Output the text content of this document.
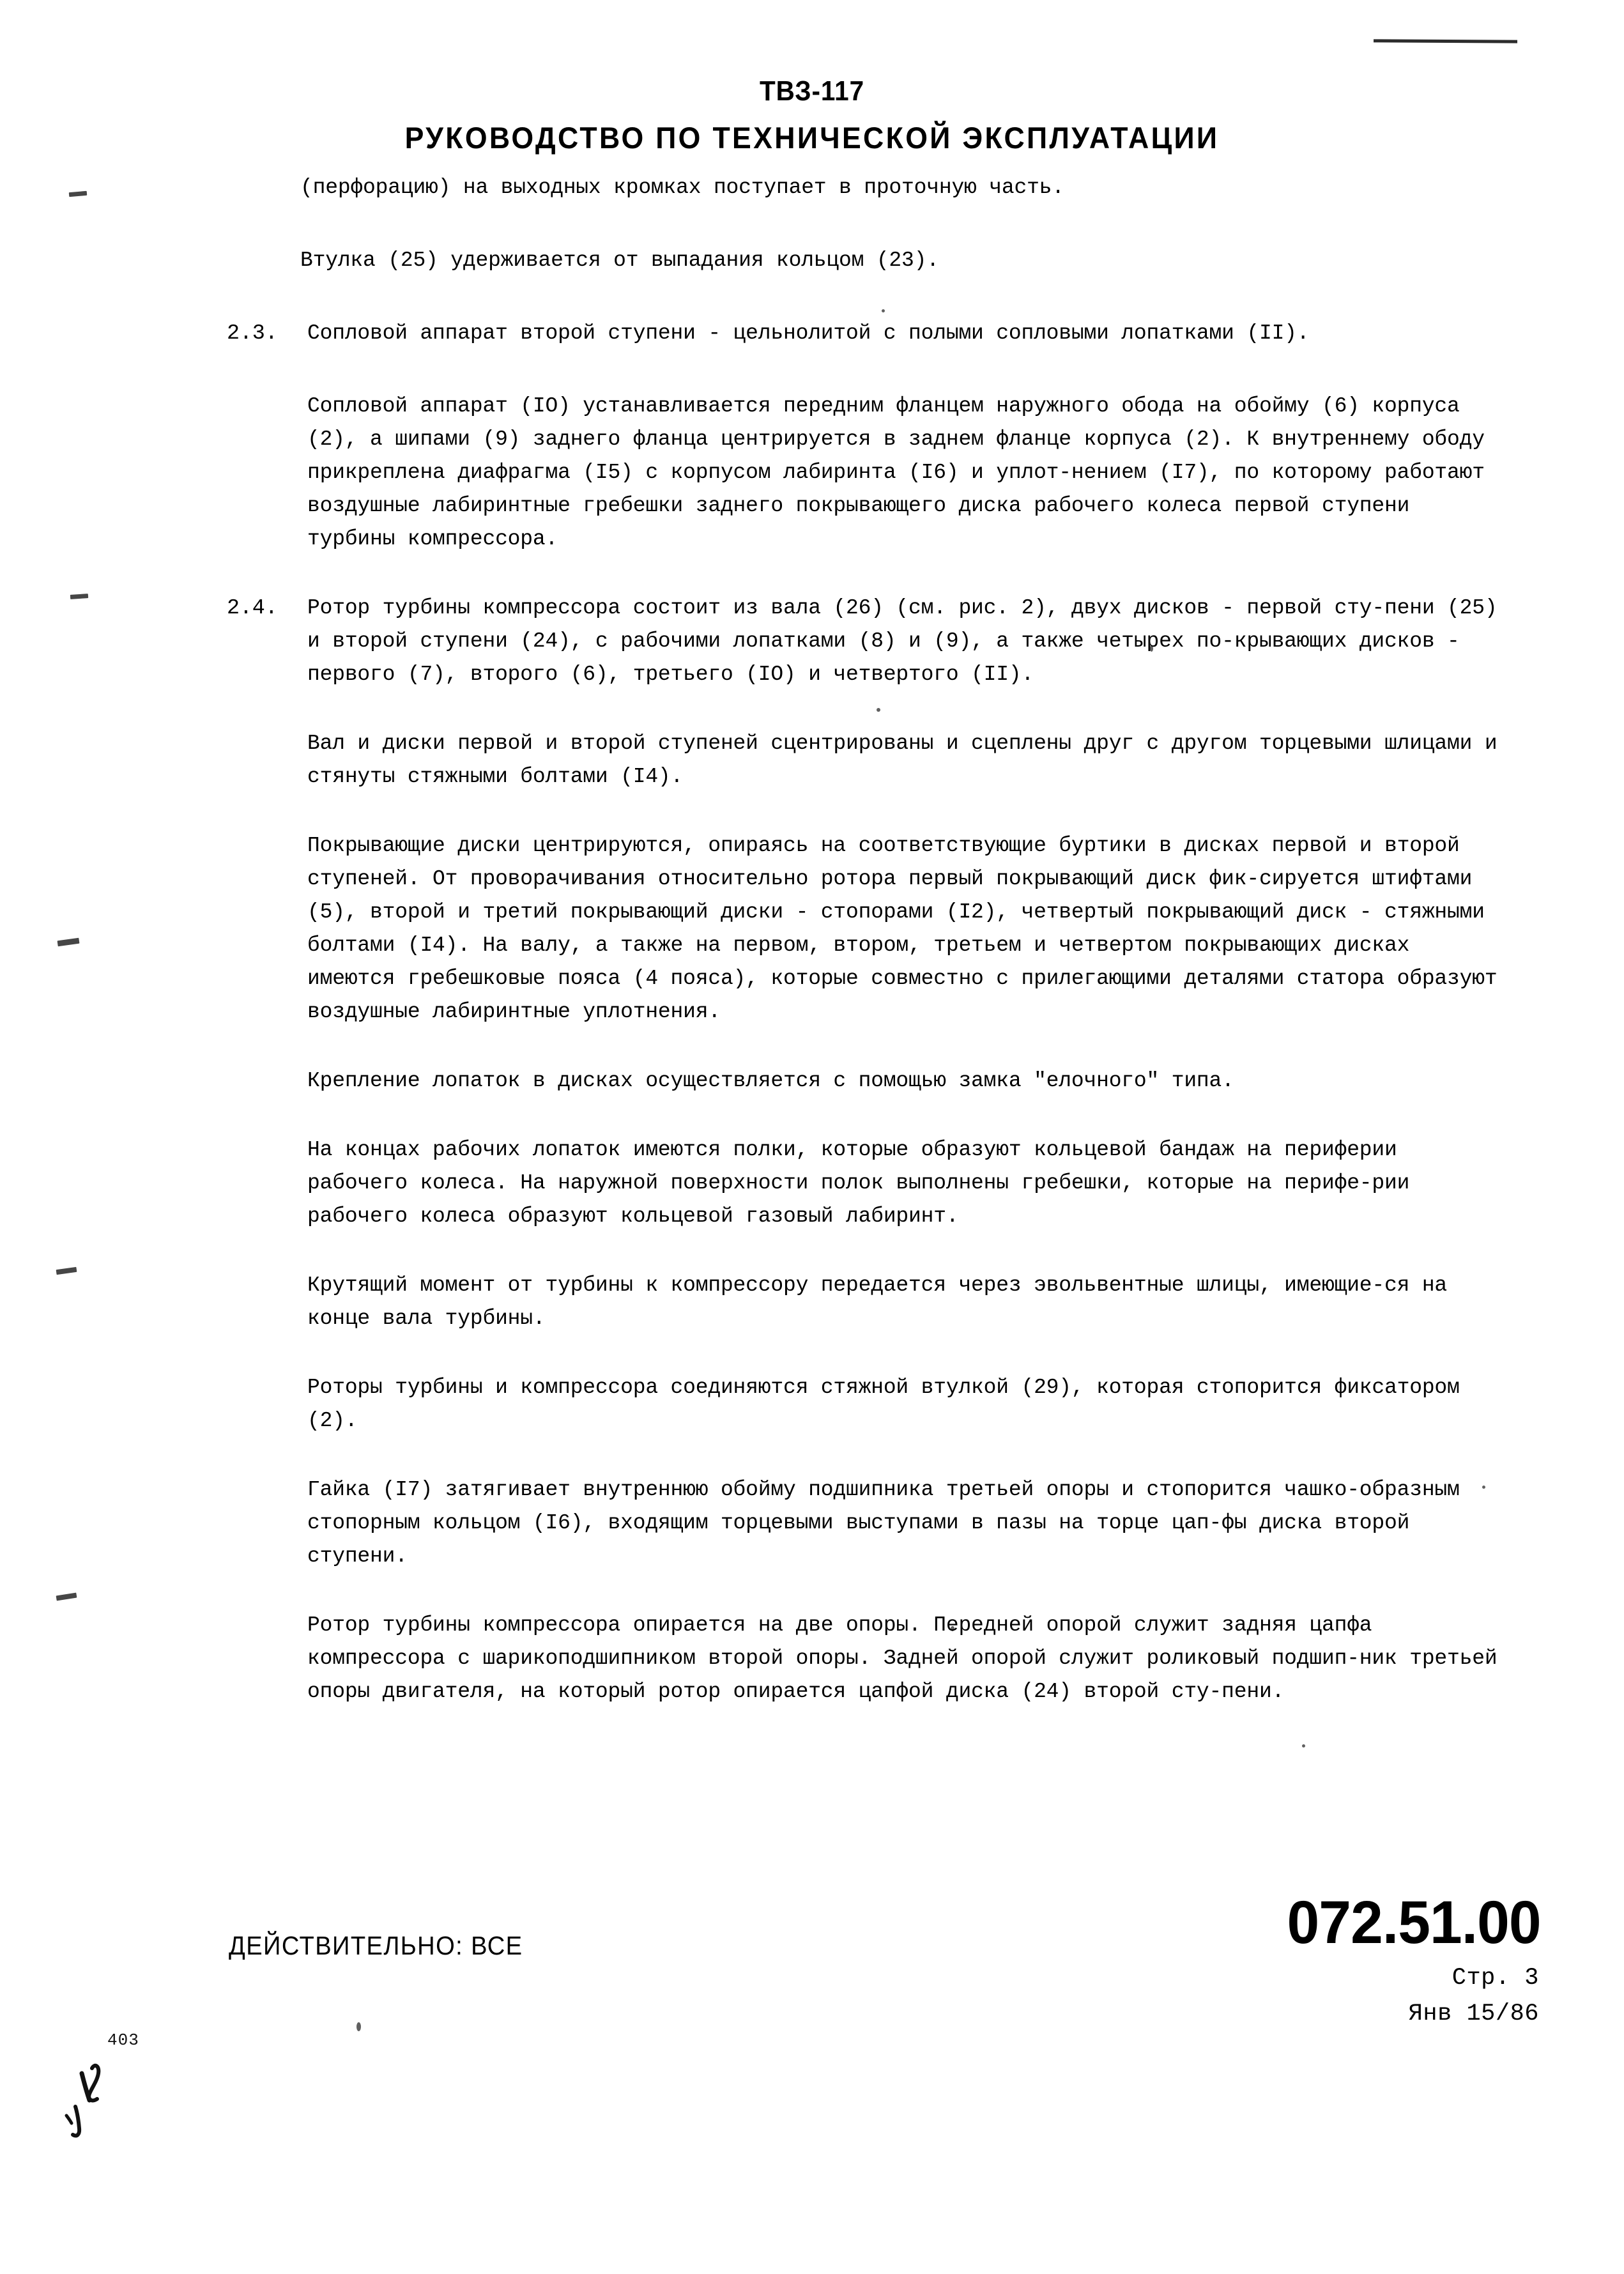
ТВЗ-117
РУКОВОДСТВО ПО ТЕХНИЧЕСКОЙ ЭКСПЛУАТАЦИИ
(перфорацию) на выходных кромках поступает в проточную часть.
Втулка (25) удерживается от выпадания кольцом (23).
2.3.	Сопловой аппарат второй ступени - цельнолитой с полыми сопловыми лопатками (II).
Сопловой аппарат (IO) устанавливается передним фланцем наружного обода на обойму (6) корпуса (2), а шипами (9) заднего фланца центрируется в заднем фланце корпуса (2). К внутреннему ободу прикреплена диафрагма (I5) с корпусом лабиринта (I6) и уплот-нением (I7), по которому работают воздушные лабиринтные гребешки заднего покрывающего диска рабочего колеса первой ступени турбины компрессора.
2.4.	Ротор турбины компрессора состоит из вала (26) (см. рис. 2), двух дисков - первой сту-пени (25) и второй ступени (24), с рабочими лопатками (8) и (9), а также четырех по-крывающих дисков - первого (7), второго (6), третьего (IO) и четвертого (II).
Вал и диски первой и второй ступеней сцентрированы и сцеплены друг с другом торцевыми шлицами и стянуты стяжными болтами (I4).
Покрывающие диски центрируются, опираясь на соответствующие буртики в дисках первой и второй ступеней. От проворачивания относительно ротора первый покрывающий диск фик-сируется штифтами (5), второй и третий покрывающий диски - стопорами (I2), четвертый покрывающий диск - стяжными болтами (I4). На валу, а также на первом, втором, третьем и четвертом покрывающих дисках имеются гребешковые пояса (4 пояса), которые совместно с прилегающими деталями статора образуют воздушные лабиринтные уплотнения.
Крепление лопаток в дисках осуществляется с помощью замка "елочного" типа.
На концах рабочих лопаток имеются полки, которые образуют кольцевой бандаж на периферии рабочего колеса. На наружной поверхности полок выполнены гребешки, которые на перифе-рии рабочего колеса образуют кольцевой газовый лабиринт.
Крутящий момент от турбины к компрессору передается через эвольвентные шлицы, имеющие-ся на конце вала турбины.
Роторы турбины и компрессора соединяются стяжной втулкой (29), которая стопорится фиксатором (2).
Гайка (I7) затягивает внутреннюю обойму подшипника третьей опоры и стопорится чашко-образным стопорным кольцом (I6), входящим торцевыми выступами в пазы на торце цап-фы диска второй ступени.
Ротор турбины компрессора опирается на две опоры. Передней опорой служит задняя цапфа компрессора с шарикоподшипником второй опоры. Задней опорой служит роликовый подшип-ник третьей опоры двигателя, на который ротор опирается цапфой диска (24) второй сту-пени.
ДЕЙСТВИТЕЛЬНО: ВСЕ	072.51.00
Стр. 3
Янв 15/86
403
